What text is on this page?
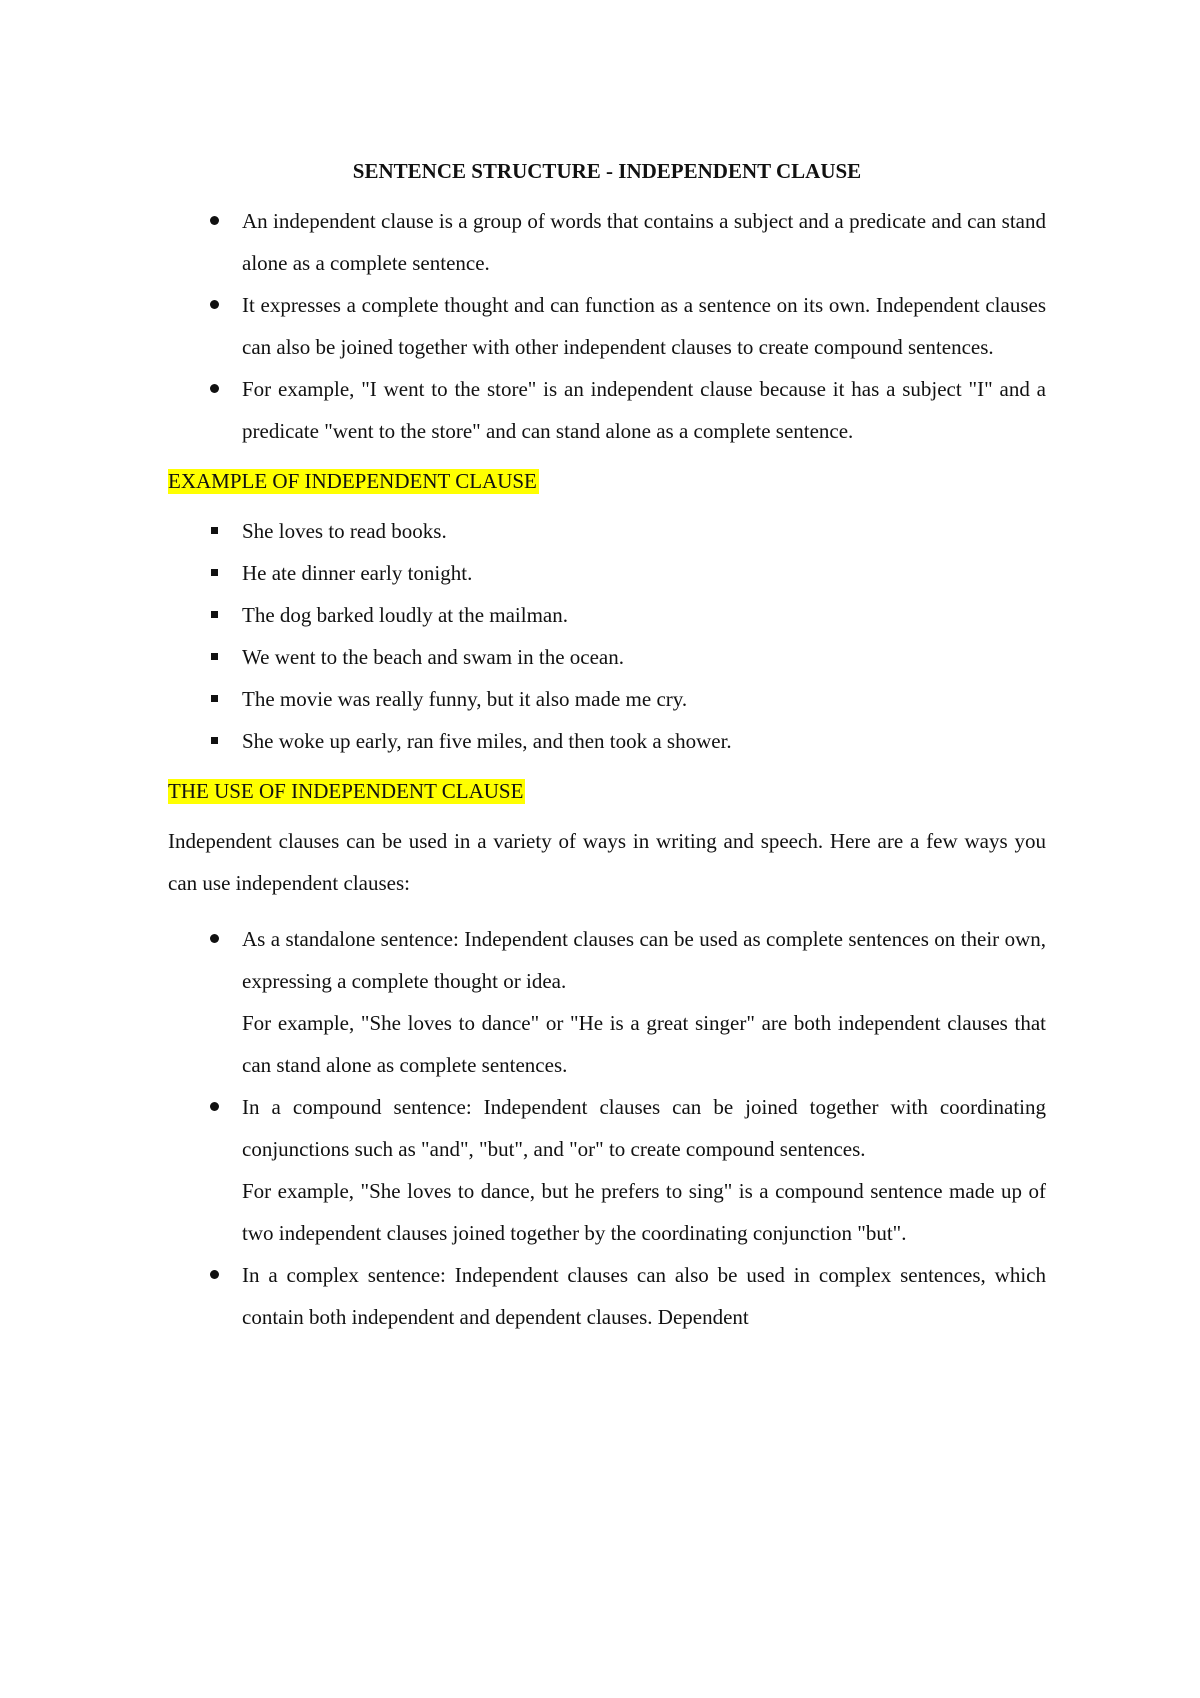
SENTENCE STRUCTURE - INDEPENDENT CLAUSE
An independent clause is a group of words that contains a subject and a predicate and can stand alone as a complete sentence.
It expresses a complete thought and can function as a sentence on its own. Independent clauses can also be joined together with other independent clauses to create compound sentences.
For example, "I went to the store" is an independent clause because it has a subject "I" and a predicate "went to the store" and can stand alone as a complete sentence.
EXAMPLE OF INDEPENDENT CLAUSE
She loves to read books.
He ate dinner early tonight.
The dog barked loudly at the mailman.
We went to the beach and swam in the ocean.
The movie was really funny, but it also made me cry.
She woke up early, ran five miles, and then took a shower.
THE USE OF INDEPENDENT CLAUSE
Independent clauses can be used in a variety of ways in writing and speech. Here are a few ways you can use independent clauses:
As a standalone sentence: Independent clauses can be used as complete sentences on their own, expressing a complete thought or idea.
For example, "She loves to dance" or "He is a great singer" are both independent clauses that can stand alone as complete sentences.
In a compound sentence: Independent clauses can be joined together with coordinating conjunctions such as "and", "but", and "or" to create compound sentences.
For example, "She loves to dance, but he prefers to sing" is a compound sentence made up of two independent clauses joined together by the coordinating conjunction "but".
In a complex sentence: Independent clauses can also be used in complex sentences, which contain both independent and dependent clauses. Dependent
